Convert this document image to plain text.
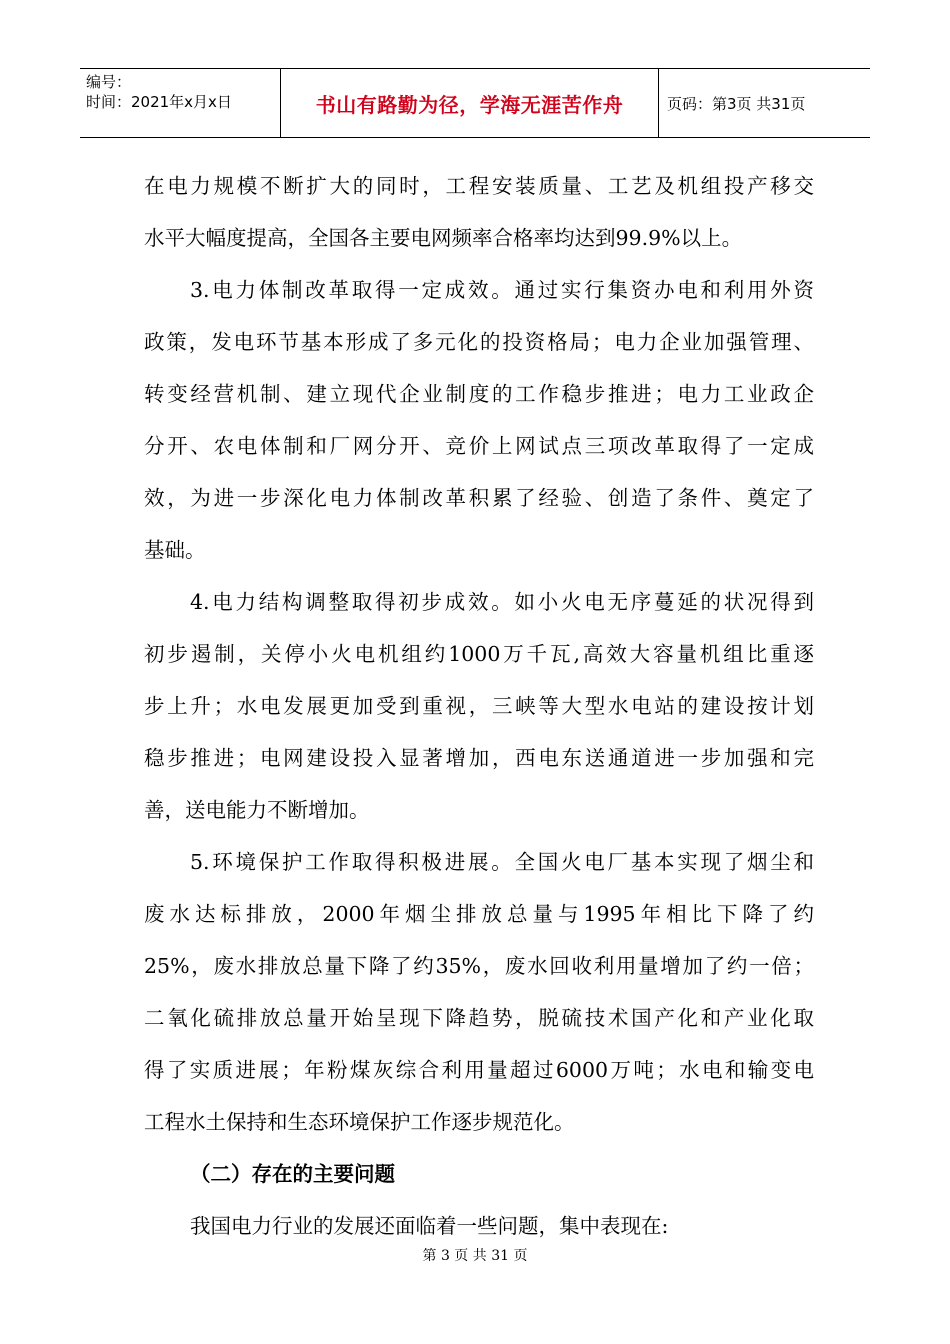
编号：
时间：2021年x月x日	书山有路勤为径，学海无涯苦作舟	页码：第3页 共31页
在电力规模不断扩大的同时，工程安装质量、工艺及机组投产移交
水平大幅度提高，全国各主要电网频率合格率均达到99.9%以上。
3.电力体制改革取得一定成效。通过实行集资办电和利用外资
政策，发电环节基本形成了多元化的投资格局；电力企业加强管理、
转变经营机制、建立现代企业制度的工作稳步推进；电力工业政企
分开、农电体制和厂网分开、竞价上网试点三项改革取得了一定成
效，为进一步深化电力体制改革积累了经验、创造了条件、奠定了
基础。
4.电力结构调整取得初步成效。如小火电无序蔓延的状况得到
初步遏制，关停小火电机组约1000万千瓦,高效大容量机组比重逐
步上升；水电发展更加受到重视，三峡等大型水电站的建设按计划
稳步推进；电网建设投入显著增加，西电东送通道进一步加强和完
善，送电能力不断增加。
5.环境保护工作取得积极进展。全国火电厂基本实现了烟尘和
废水达标排放，2000年烟尘排放总量与1995年相比下降了约
25%，废水排放总量下降了约35%，废水回收利用量增加了约一倍；
二氧化硫排放总量开始呈现下降趋势，脱硫技术国产化和产业化取
得了实质进展；年粉煤灰综合利用量超过6000万吨；水电和输变电
工程水土保持和生态环境保护工作逐步规范化。
（二）存在的主要问题
我国电力行业的发展还面临着一些问题，集中表现在:
第 3 页 共 31 页
